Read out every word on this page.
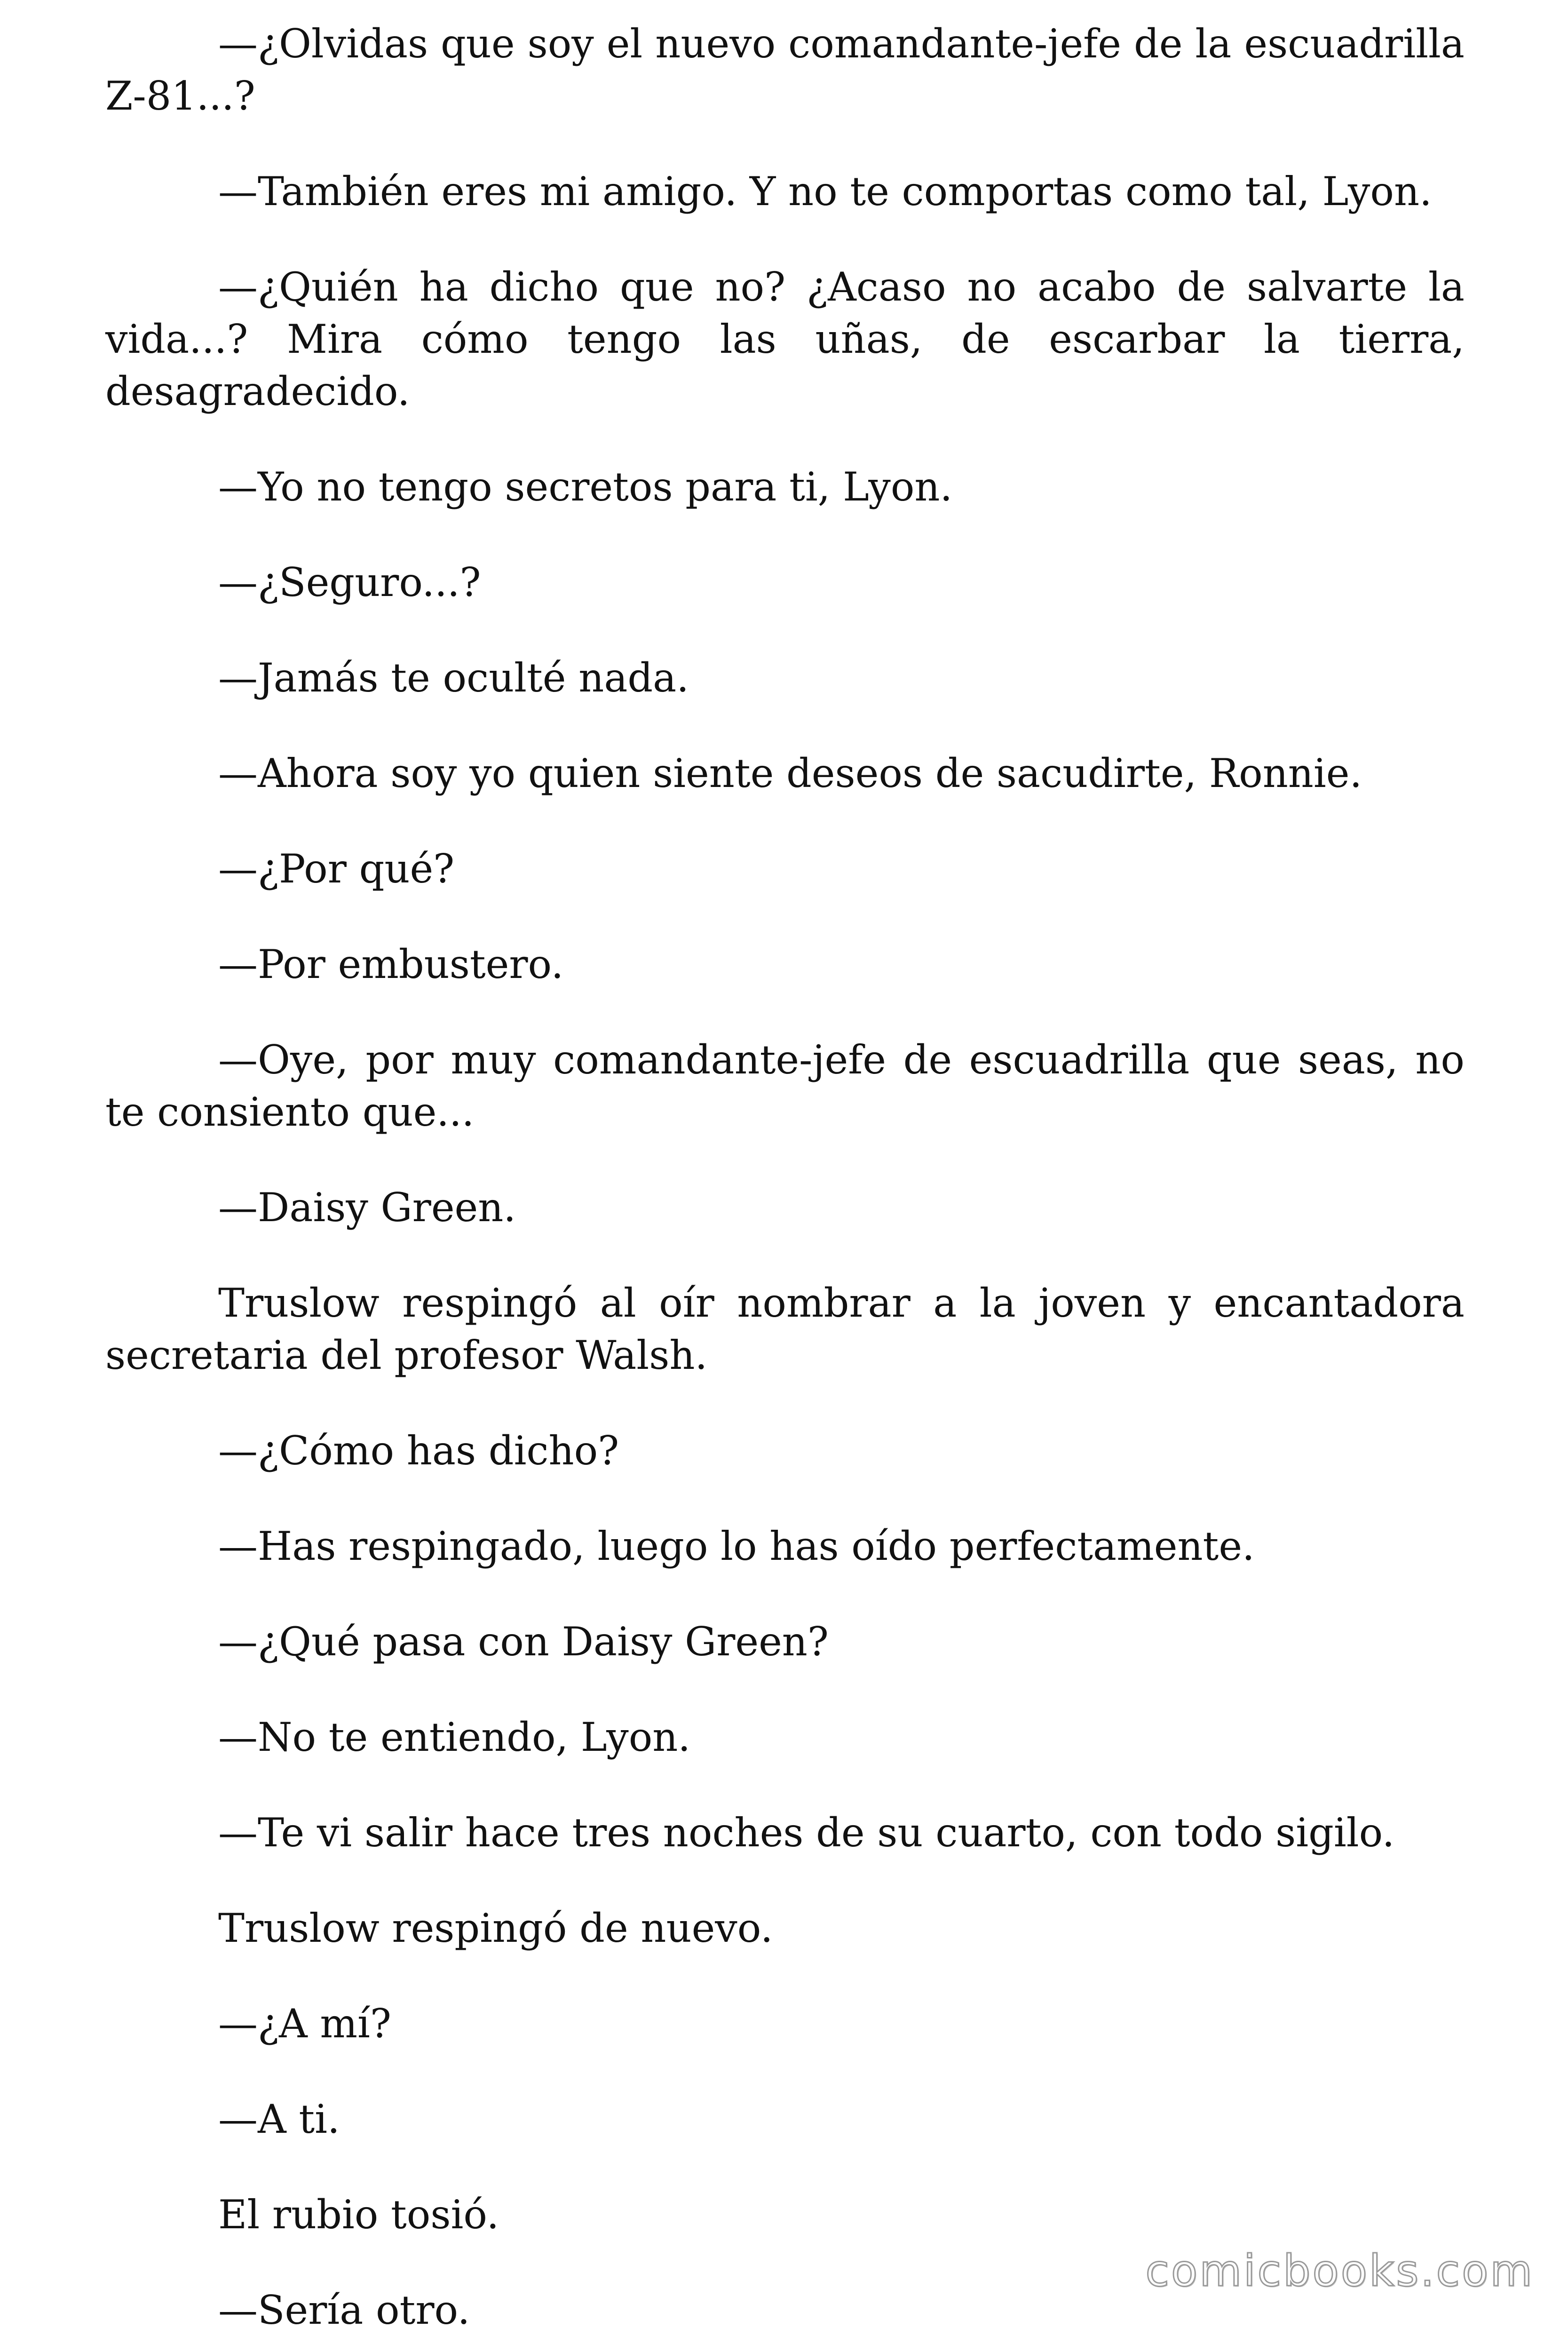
—¿Olvidas que soy el nuevo comandante-jefe de la escuadrilla Z-81...?

—También eres mi amigo. Y no te comportas como tal, Lyon.

—¿Quién ha dicho que no? ¿Acaso no acabo de salvarte la vida...? Mira cómo tengo las uñas, de escarbar la tierra, desagradecido.

—Yo no tengo secretos para ti, Lyon.

—¿Seguro...?

—Jamás te oculté nada.

—Ahora soy yo quien siente deseos de sacudirte, Ronnie.

—¿Por qué?

—Por embustero.

—Oye, por muy comandante-jefe de escuadrilla que seas, no te consiento que...

—Daisy Green.

Truslow respingó al oír nombrar a la joven y encantadora secretaria del profesor Walsh.

—¿Cómo has dicho?

—Has respingado, luego lo has oído perfectamente.

—¿Qué pasa con Daisy Green?

—No te entiendo, Lyon.

—Te vi salir hace tres noches de su cuarto, con todo sigilo.

Truslow respingó de nuevo.

—¿A mí?

—A ti.

El rubio tosió.

—Sería otro.

comicbooks.com
